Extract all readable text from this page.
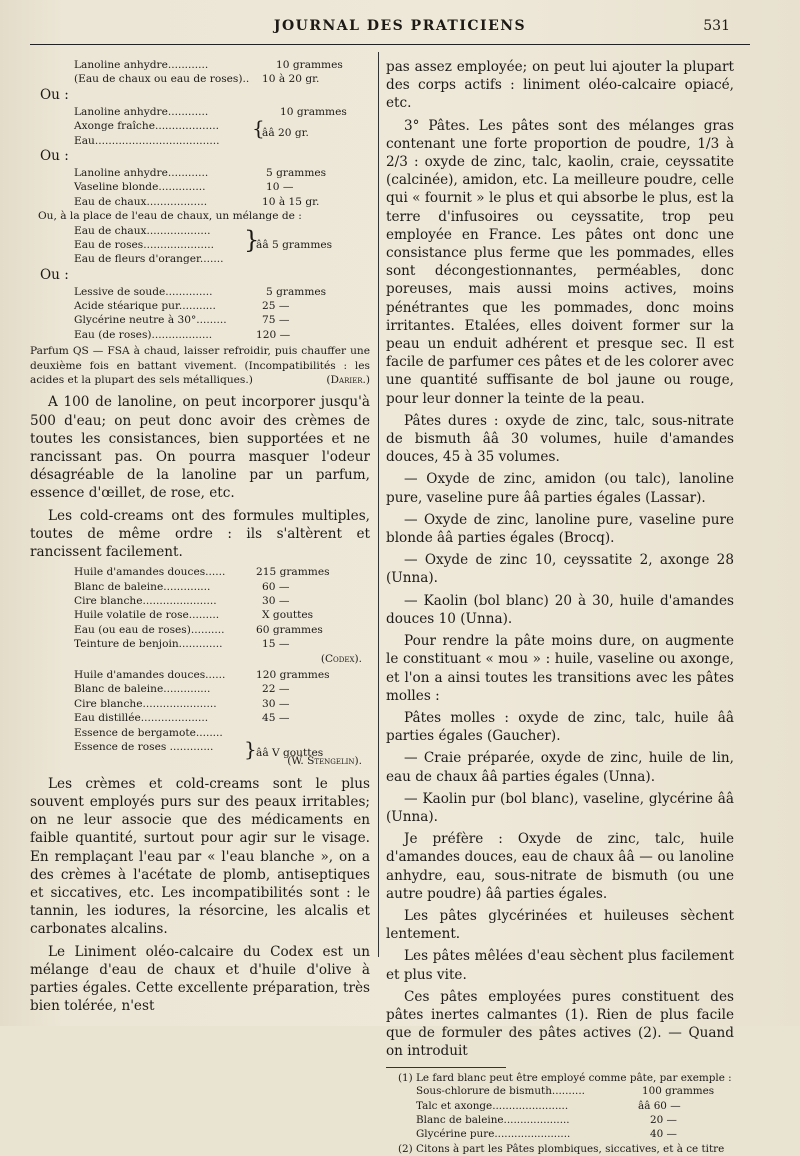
JOURNAL DES PRATICIENS	531
Lanoline anhydre............	10 grammes
(Eau de chaux ou eau de roses).. 10 à 20 gr.
Ou :
Lanoline anhydre............	10 grammes
Axonge fraîche...................
Eau.....................................
{
ââ 20 gr.
Ou :
Lanoline anhydre............	5 grammes
Vaseline blonde..............	10 —
Eau de chaux..................	10 à 15 gr.
Ou, à la place de l'eau de chaux, un mélange de :
Eau de chaux...................
Eau de roses.....................
Eau de fleurs d'oranger.......
}
ââ 5 grammes
Ou :
Lessive de soude..............	5 grammes
Acide stéarique pur...........	25 —
Glycérine neutre à 30°.........	75 —
Eau (de roses)..................	120 —
Parfum QS — FSA à chaud, laisser refroidir, puis chauffer une deuxième fois en battant vivement. (Incompatibilités : les acides et la plupart des sels métalliques.)	(Darier.)

A 100 de lanoline, on peut incorporer jusqu'à 500 d'eau; on peut donc avoir des crèmes de toutes les consistances, bien supportées et ne rancissant pas. On pourra masquer l'odeur désagréable de la lanoline par un parfum, essence d'œillet, de rose, etc.

Les cold-creams ont des formules multiples, toutes de même ordre : ils s'altèrent et rancissent facilement.

Huile d'amandes douces......	215 grammes
Blanc de baleine..............	60 —
Cire blanche......................	30 —
Huile volatile de rose.........	X gouttes
Eau (ou eau de roses)..........	60 grammes
Teinture de benjoin.............	15 —
(Codex).
Huile d'amandes douces......	120 grammes
Blanc de baleine..............	22 —
Cire blanche......................	30 —
Eau distillée....................	45 —
Essence de bergamote........
Essence de roses ............. } ââ V gouttes
(W. Stengelin).

Les crèmes et cold-creams sont le plus souvent employés purs sur des peaux irritables; on ne leur associe que des médicaments en faible quantité, surtout pour agir sur le visage. En remplaçant l'eau par « l'eau blanche », on a des crèmes à l'acétate de plomb, antiseptiques et siccatives, etc. Les incompatibilités sont : le tannin, les iodures, la résorcine, les alcalis et carbonates alcalins.

Le Liniment oléo-calcaire du Codex est un mélange d'eau de chaux et d'huile d'olive à parties égales. Cette excellente préparation, très bien tolérée, n'est

pas assez employée; on peut lui ajouter la plupart des corps actifs : liniment oléo-calcaire opiacé, etc.

3° Pâtes. Les pâtes sont des mélanges gras contenant une forte proportion de poudre, 1/3 à 2/3 : oxyde de zinc, talc, kaolin, craie, ceyssatite (calcinée), amidon, etc. La meilleure poudre, celle qui « fournit » le plus et qui absorbe le plus, est la terre d'infusoires ou ceyssatite, trop peu employée en France. Les pâtes ont donc une consistance plus ferme que les pommades, elles sont décongestionnantes, perméables, donc poreuses, mais aussi moins actives, moins pénétrantes que les pommades, donc moins irritantes. Etalées, elles doivent former sur la peau un enduit adhérent et presque sec. Il est facile de parfumer ces pâtes et de les colorer avec une quantité suffisante de bol jaune ou rouge, pour leur donner la teinte de la peau.

Pâtes dures : oxyde de zinc, talc, sous-nitrate de bismuth ââ 30 volumes, huile d'amandes douces, 45 à 35 volumes.

— Oxyde de zinc, amidon (ou talc), lanoline pure, vaseline pure ââ parties égales (Lassar).

— Oxyde de zinc, lanoline pure, vaseline pure blonde ââ parties égales (Brocq).

— Oxyde de zinc 10, ceyssatite 2, axonge 28 (Unna).

— Kaolin (bol blanc) 20 à 30, huile d'amandes douces 10 (Unna).

Pour rendre la pâte moins dure, on augmente le constituant « mou » : huile, vaseline ou axonge, et l'on a ainsi toutes les transitions avec les pâtes molles :

Pâtes molles : oxyde de zinc, talc, huile ââ parties égales (Gaucher).

— Craie préparée, oxyde de zinc, huile de lin, eau de chaux ââ parties égales (Unna).

— Kaolin pur (bol blanc), vaseline, glycérine ââ (Unna).

Je préfère : Oxyde de zinc, talc, huile d'amandes douces, eau de chaux ââ — ou lanoline anhydre, eau, sous-nitrate de bismuth (ou une autre poudre) ââ parties égales.

Les pâtes glycérinées et huileuses sèchent lentement.

Les pâtes mêlées d'eau sèchent plus facilement et plus vite.

Ces pâtes employées pures constituent des pâtes inertes calmantes (1). Rien de plus facile que de formuler des pâtes actives (2). — Quand on introduit

(1) Le fard blanc peut être employé comme pâte, par exemple :
Sous-chlorure de bismuth..........	100 grammes
Talc et axonge.......................	ââ 60 —
Blanc de baleine....................	20 —
Glycérine pure.......................	40 —
(2) Citons à part les Pâtes plombiques, siccatives, et à ce titre
